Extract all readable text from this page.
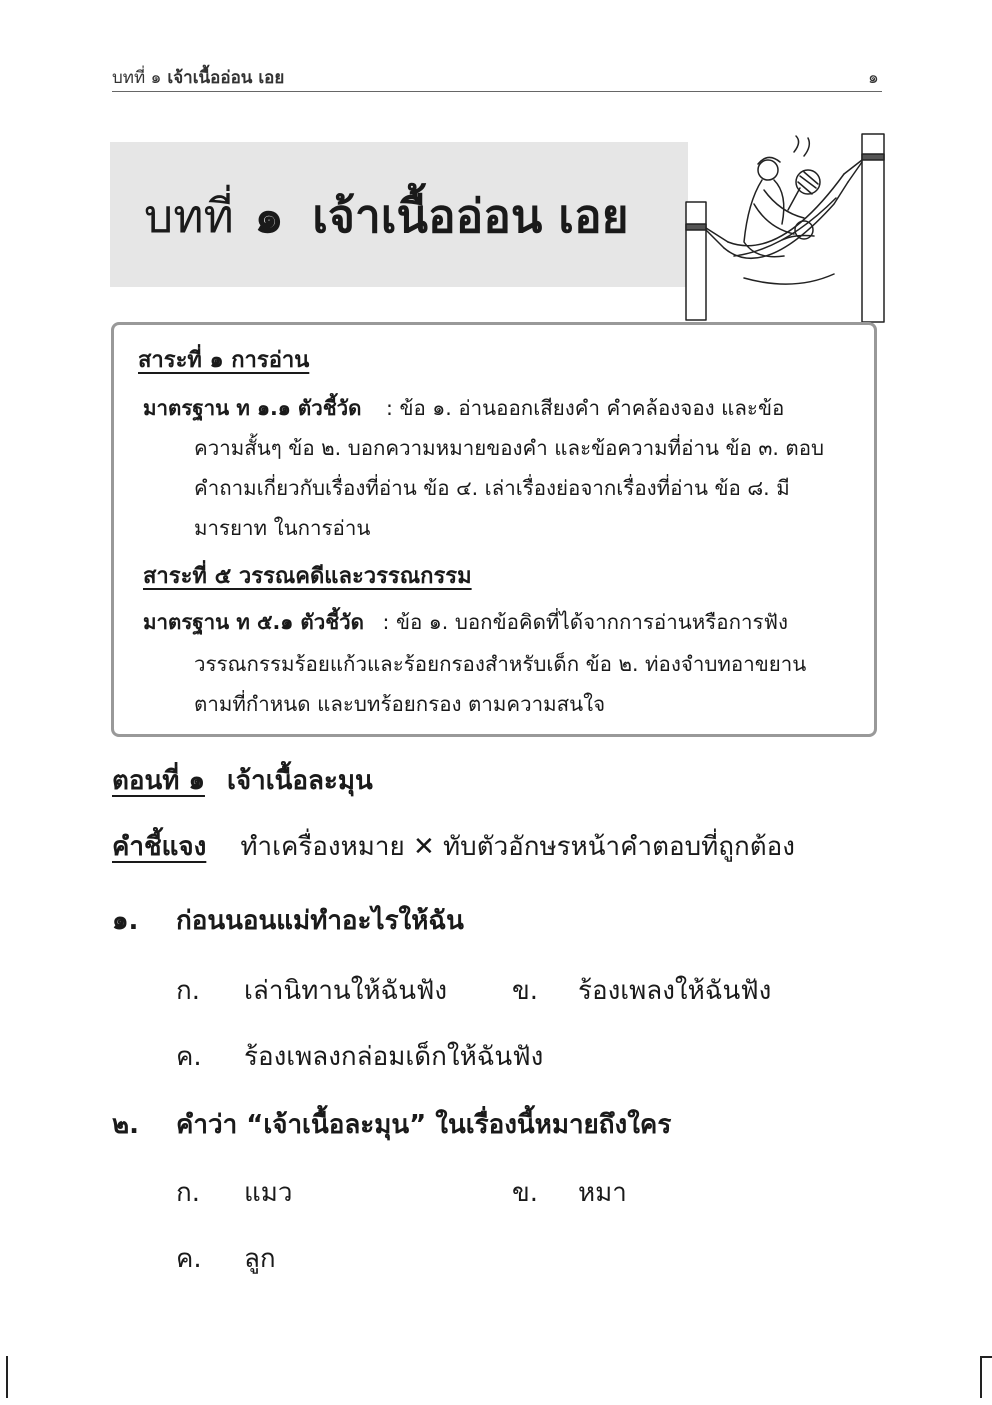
บทที่ ๑ เจ้าเนื้ออ่อน เอย	๑
บทที่ ๑ เจ้าเนื้ออ่อน เอย
สาระที่ ๑ การอ่าน
มาตรฐาน ท ๑.๑ ตัวชี้วัด : ข้อ ๑. อ่านออกเสียงคำ คำคล้องจอง และข้อ
ความสั้นๆ ข้อ ๒. บอกความหมายของคำ และข้อความที่อ่าน ข้อ ๓. ตอบ
คำถามเกี่ยวกับเรื่องที่อ่าน ข้อ ๔. เล่าเรื่องย่อจากเรื่องที่อ่าน ข้อ ๘. มี
มารยาท ในการอ่าน
สาระที่ ๕ วรรณคดีและวรรณกรรม
มาตรฐาน ท ๕.๑ ตัวชี้วัด : ข้อ ๑. บอกข้อคิดที่ได้จากการอ่านหรือการฟัง
วรรณกรรมร้อยแก้วและร้อยกรองสำหรับเด็ก ข้อ ๒. ท่องจำบทอาขยาน
ตามที่กำหนด และบทร้อยกรอง ตามความสนใจ
ตอนที่ ๑ เจ้าเนื้อละมุน
คำชี้แจง ทำเครื่องหมาย ✕ ทับตัวอักษรหน้าคำตอบที่ถูกต้อง
๑. ก่อนนอนแม่ทำอะไรให้ฉัน
ก. เล่านิทานให้ฉันฟัง ข. ร้องเพลงให้ฉันฟัง
ค. ร้องเพลงกล่อมเด็กให้ฉันฟัง
๒. คำว่า “เจ้าเนื้อละมุน” ในเรื่องนี้หมายถึงใคร
ก. แมว	ข. หมา
ค. ลูก
